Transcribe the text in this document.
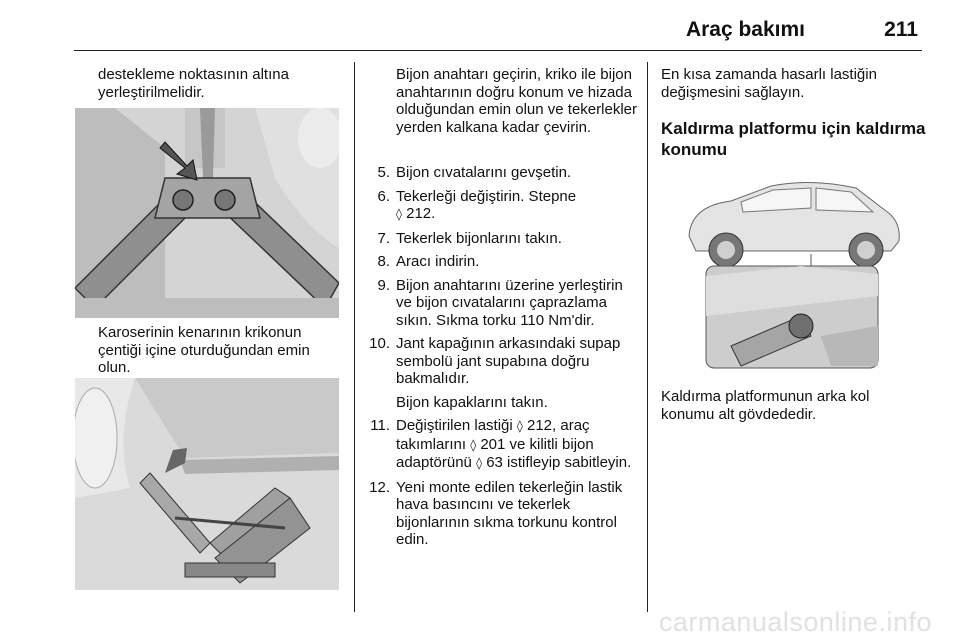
Araç bakımı	211

destekleme noktasının altına yerleştirilmelidir.

Karoserinin kenarının krikonun çentiği içine oturduğundan emin olun.

Bijon anahtarı geçirin, kriko ile bijon anahtarının doğru konum ve hizada olduğundan emin olun ve tekerlekler yerden kalkana kadar çevirin.

5. Bijon cıvatalarını gevşetin.
6. Tekerleği değiştirin. Stepne
◊ 212.
7. Tekerlek bijonlarını takın.
8. Aracı indirin.
9. Bijon anahtarını üzerine yerleştirin ve bijon cıvatalarını çaprazlama sıkın. Sıkma torku 110 Nm'dir.
10. Jant kapağının arkasındaki supap sembolü jant supabına doğru bakmalıdır.
Bijon kapaklarını takın.
11. Değiştirilen lastiği ◊ 212, araç takımlarını ◊ 201 ve kilitli bijon adaptörünü ◊ 63 istifleyip sabitleyin.
12. Yeni monte edilen tekerleğin lastik hava basıncını ve tekerlek bijonlarının sıkma torkunu kontrol edin.

En kısa zamanda hasarlı lastiğin değişmesini sağlayın.

Kaldırma platformu için kaldırma konumu

Kaldırma platformunun arka kol konumu alt gövdededir.

carmanualsonline.info
